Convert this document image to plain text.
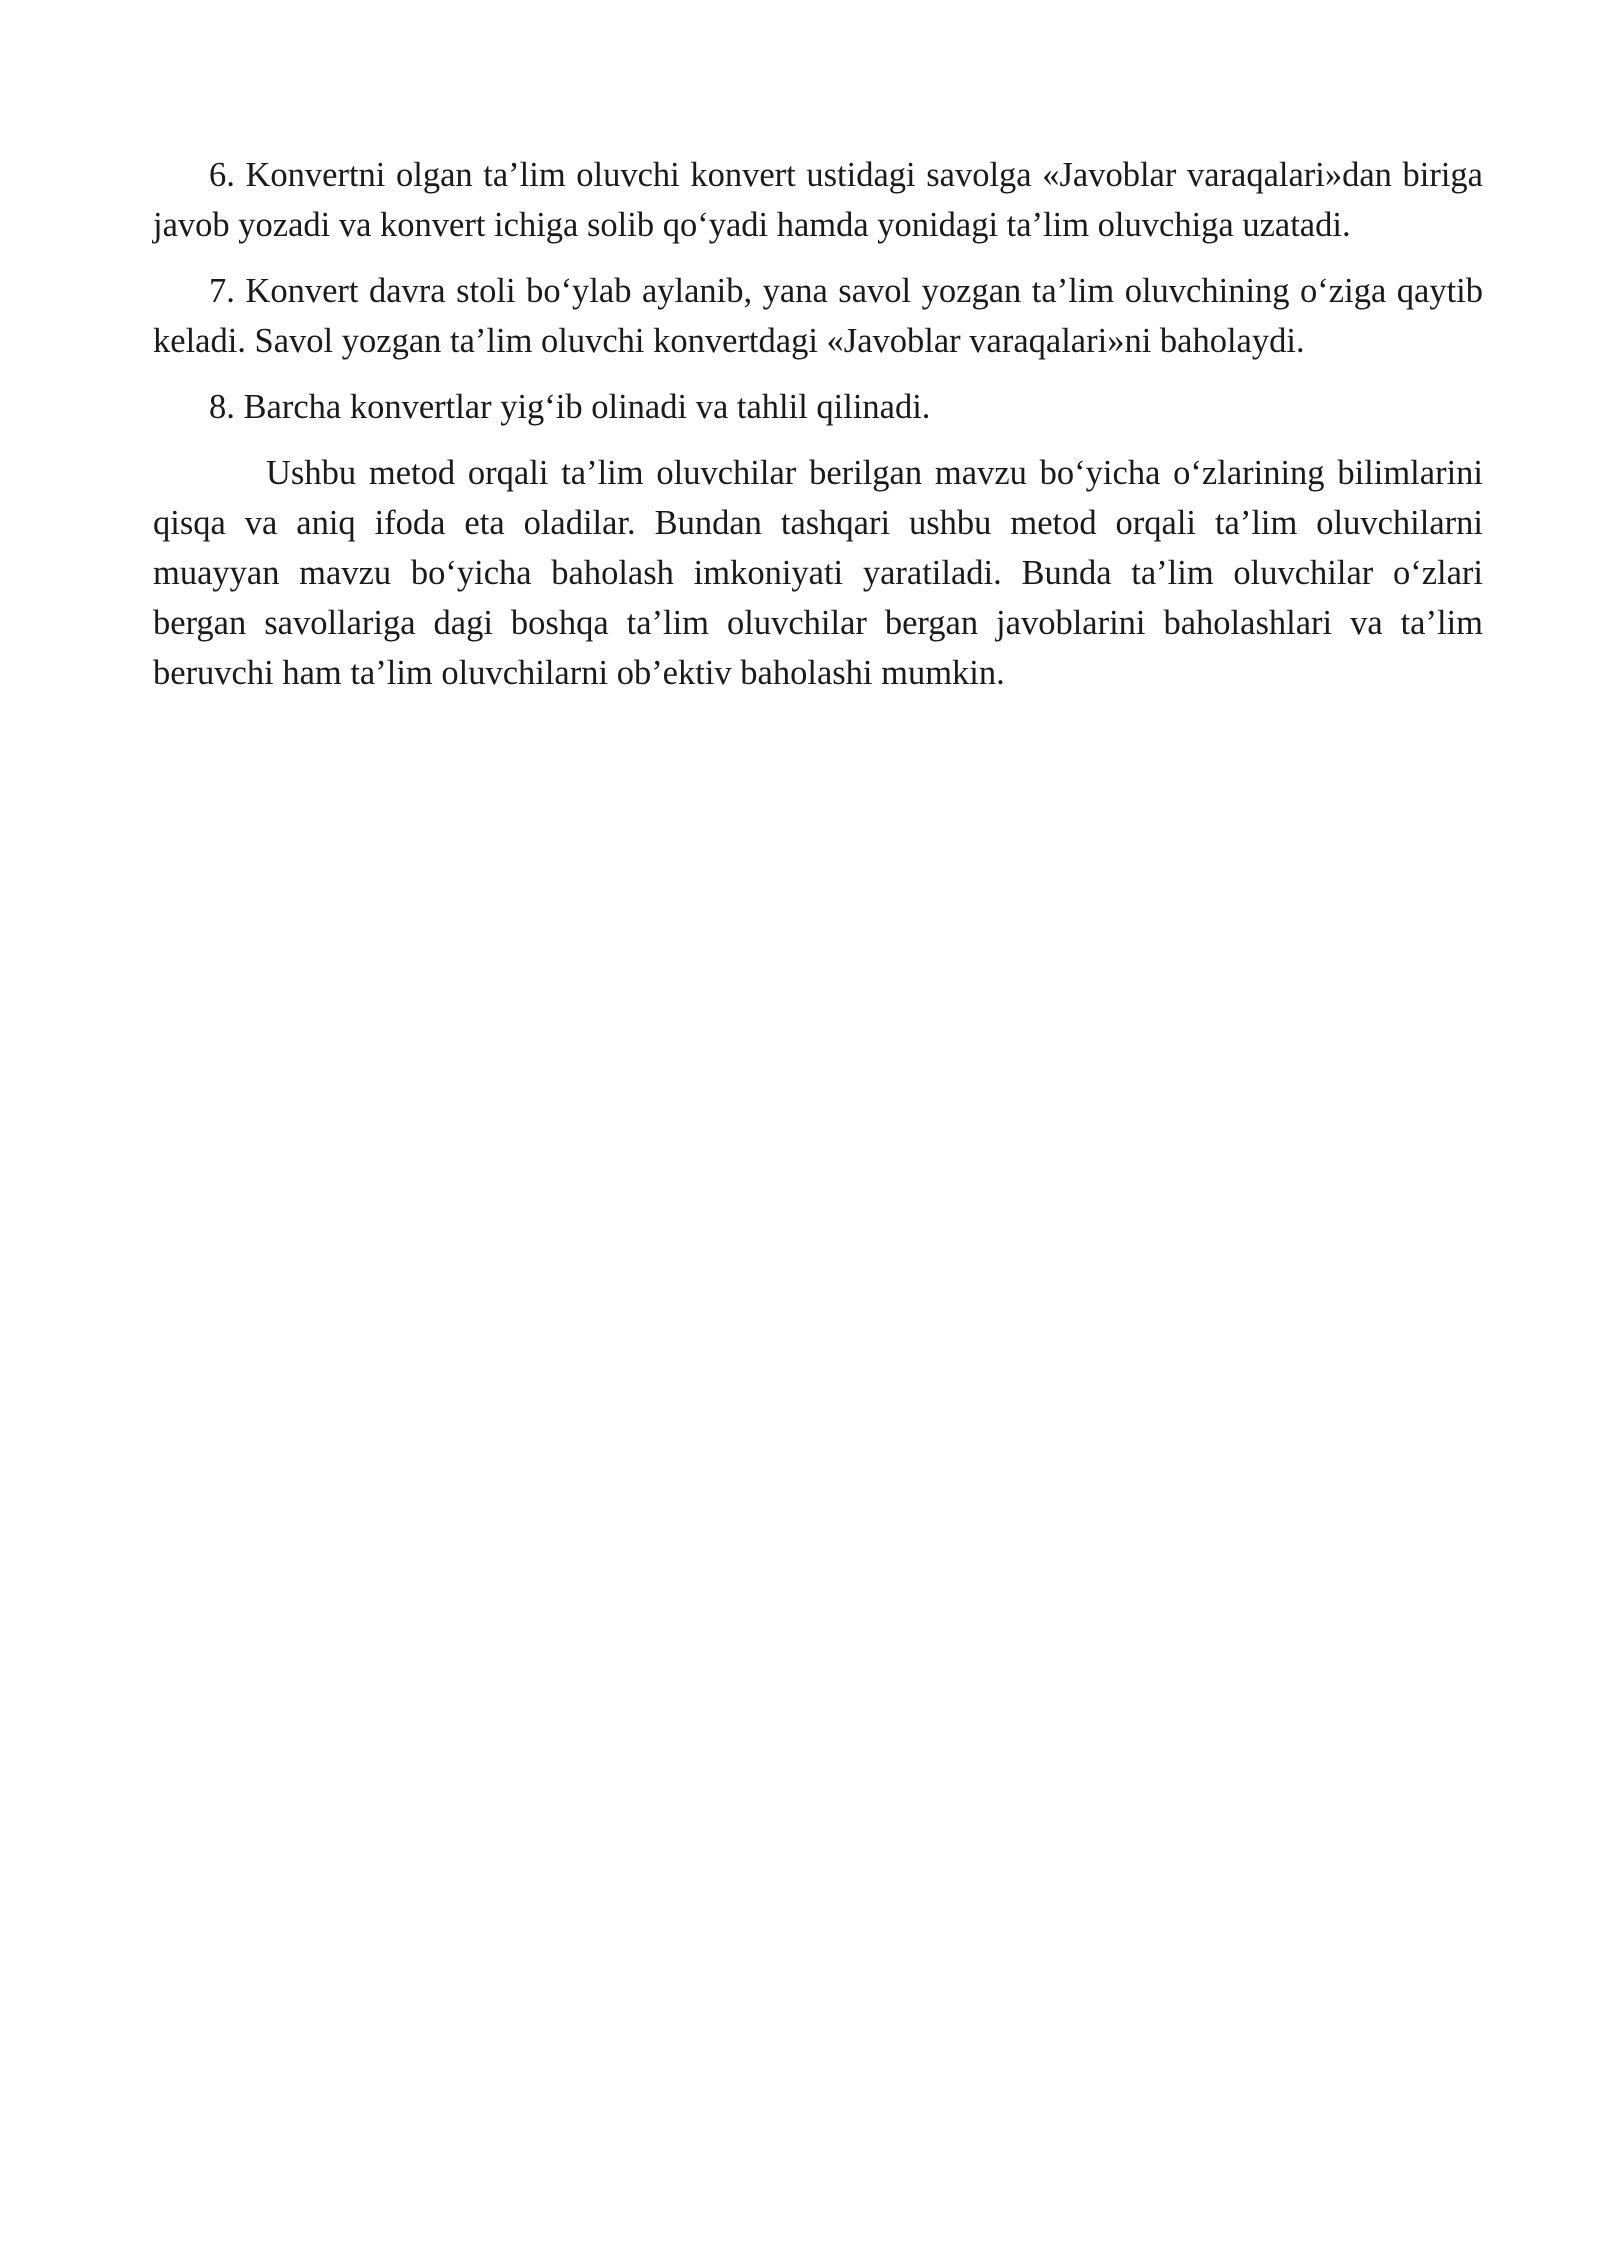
6. Konvertni olgan ta’lim oluvchi konvert ustidagi savolga «Javoblar varaqalari»dan biriga javob yozadi va konvert ichiga solib qo‘yadi hamda yonidagi ta’lim oluvchiga uzatadi.

7. Konvert davra stoli bo‘ylab aylanib, yana savol yozgan ta’lim oluvchining o‘ziga qaytib keladi. Savol yozgan ta’lim oluvchi konvertdagi «Javoblar varaqalari»ni baholaydi.

8. Barcha konvertlar yig‘ib olinadi va tahlil qilinadi.

Ushbu metod orqali ta’lim oluvchilar berilgan mavzu bo‘yicha o‘zlarining bilimlarini qisqa va aniq ifoda eta oladilar. Bundan tashqari ushbu metod orqali ta’lim oluvchilarni muayyan mavzu bo‘yicha baholash imkoniyati yaratiladi. Bunda ta’lim oluvchilar o‘zlari bergan savollariga dagi boshqa ta’lim oluvchilar bergan javoblarini baholashlari va ta’lim beruvchi ham ta’lim oluvchilarni ob’ektiv baholashi mumkin.
